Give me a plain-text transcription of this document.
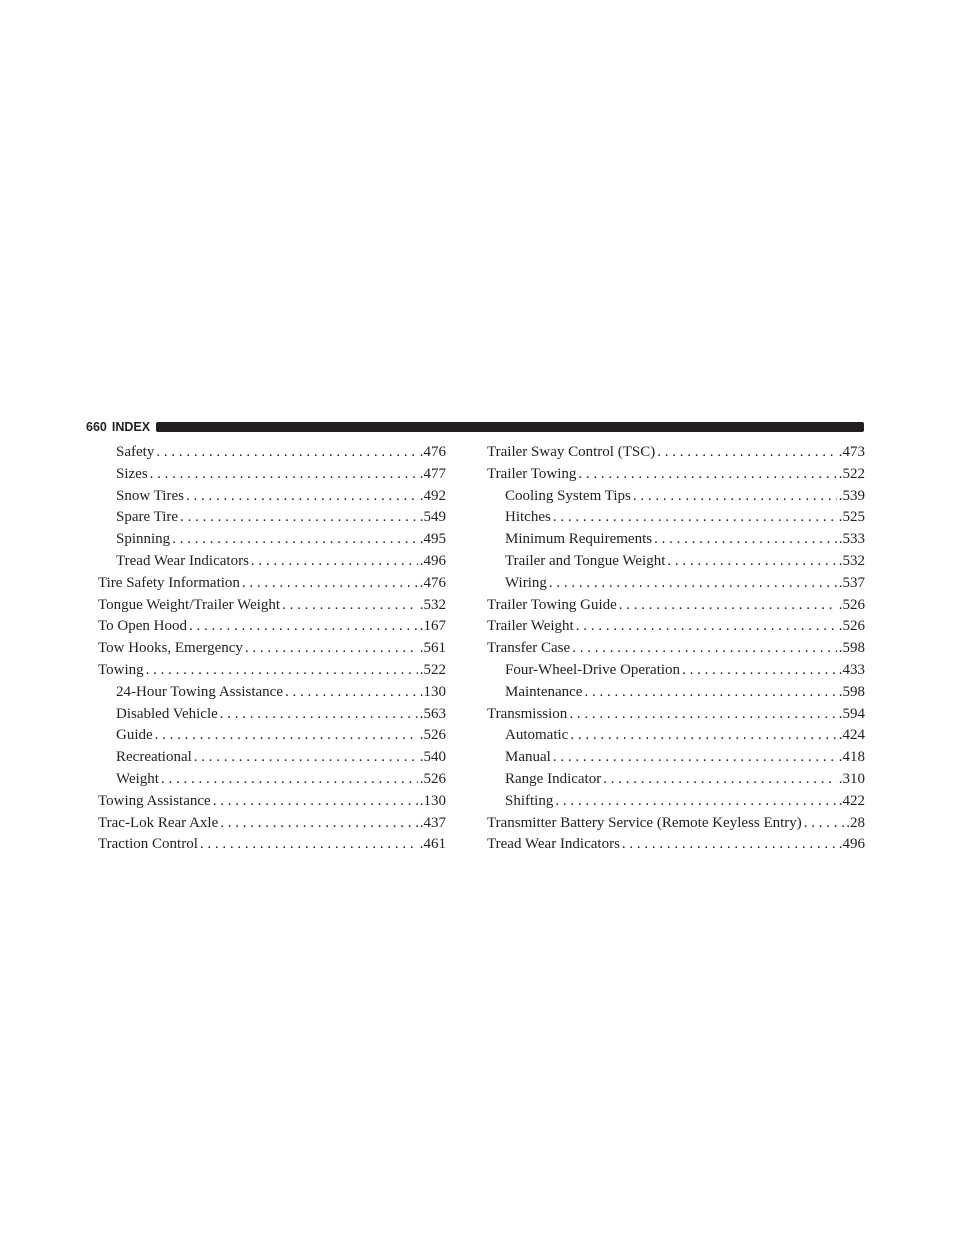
660 INDEX
Safety . . .	.476
Sizes . . .	.477
Snow Tires . . .	.492
Spare Tire . . .	.549
Spinning . . .	.495
Tread Wear Indicators . . .	.496
Tire Safety Information . . .	.476
Tongue Weight/Trailer Weight . . .	.532
To Open Hood . . .	.167
Tow Hooks, Emergency . . .	.561
Towing . . .	.522
24-Hour Towing Assistance . . .	.130
Disabled Vehicle . . .	.563
Guide . . .	.526
Recreational . . .	.540
Weight . . .	.526
Towing Assistance . . .	.130
Trac-Lok Rear Axle . . .	.437
Traction Control . . .	.461
Trailer Sway Control (TSC) . . .	.473
Trailer Towing . . .	.522
Cooling System Tips . . .	.539
Hitches . . .	.525
Minimum Requirements . . .	.533
Trailer and Tongue Weight . . .	.532
Wiring . . .	.537
Trailer Towing Guide . . .	.526
Trailer Weight . . .	.526
Transfer Case . . .	.598
Four-Wheel-Drive Operation . . .	.433
Maintenance . . .	.598
Transmission . . .	.594
Automatic . . .	.424
Manual . . .	.418
Range Indicator . . .	.310
Shifting . . .	.422
Transmitter Battery Service (Remote Keyless Entry) . . .	.28
Tread Wear Indicators . . .	.496
